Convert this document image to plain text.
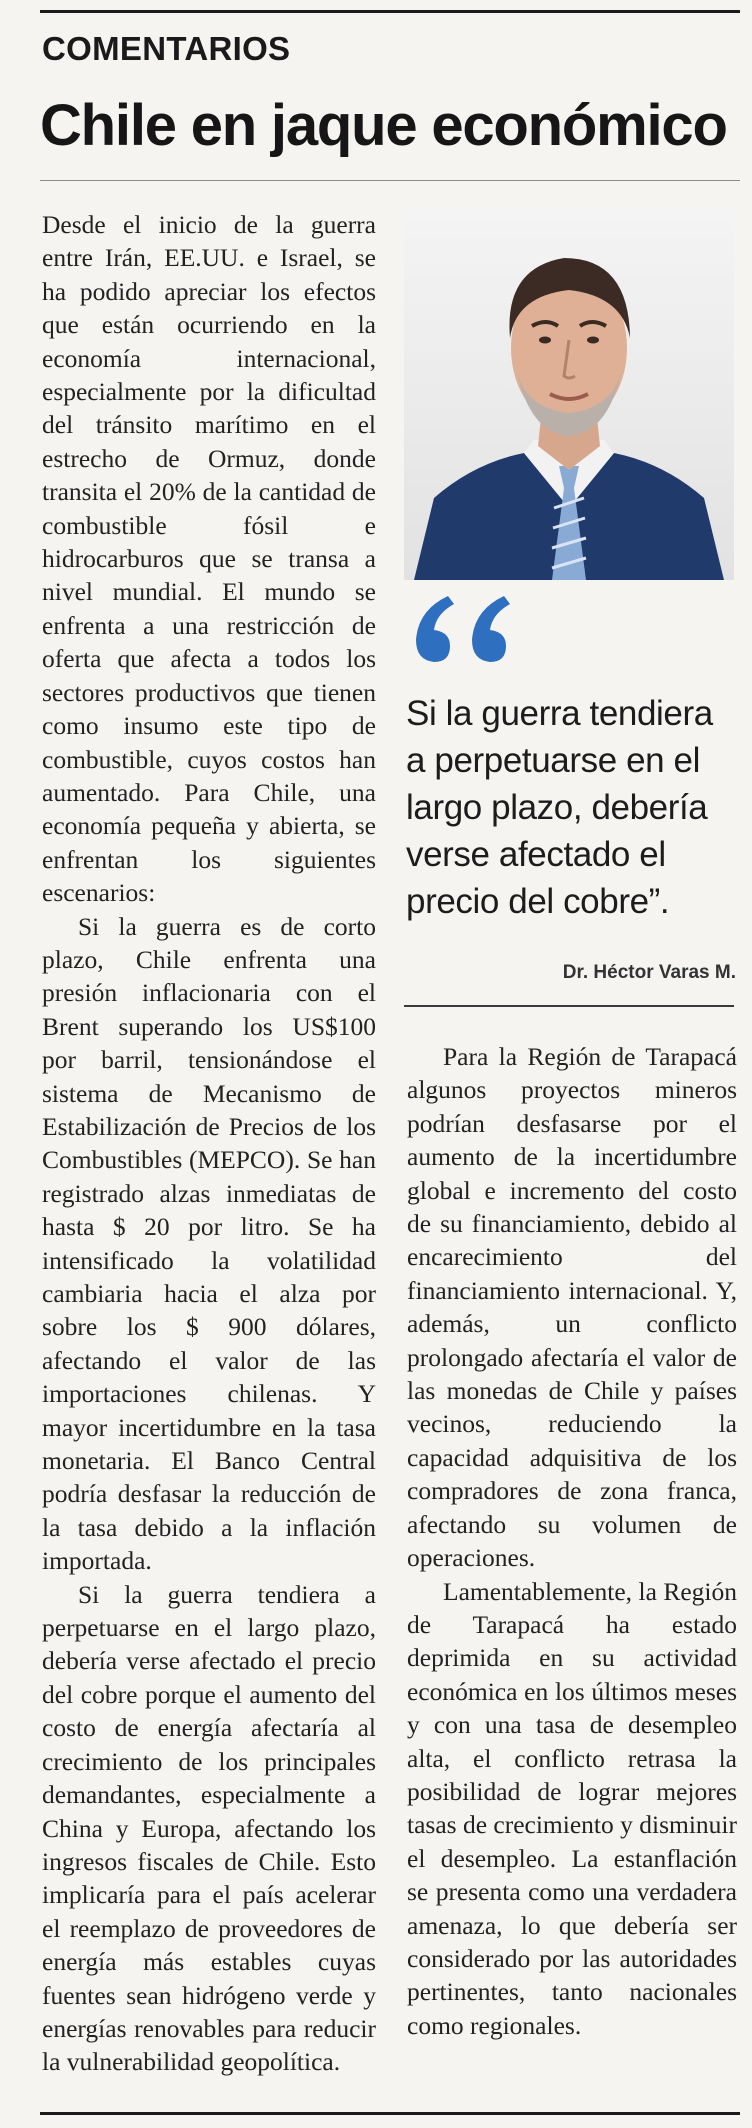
COMENTARIOS
Chile en jaque económico

Desde el inicio de la guerra entre Irán, EE.UU. e Israel, se ha podido apreciar los efectos que están ocurriendo en la economía internacional, especialmente por la dificultad del tránsito marítimo en el estrecho de Ormuz, donde transita el 20% de la cantidad de combustible fósil e hidrocarburos que se transa a nivel mundial. El mundo se enfrenta a una restricción de oferta que afecta a todos los sectores productivos que tienen como insumo este tipo de combustible, cuyos costos han aumentado. Para Chile, una economía pequeña y abierta, se enfrentan los siguientes escenarios:

Si la guerra es de corto plazo, Chile enfrenta una presión inflacionaria con el Brent superando los US$100 por barril, tensionándose el sistema de Mecanismo de Estabilización de Precios de los Combustibles (MEPCO). Se han registrado alzas inmediatas de hasta $ 20 por litro. Se ha intensificado la volatilidad cambiaria hacia el alza por sobre los $ 900 dólares, afectando el valor de las importaciones chilenas. Y mayor incertidumbre en la tasa monetaria. El Banco Central podría desfasar la reducción de la tasa debido a la inflación importada.

Si la guerra tendiera a perpetuarse en el largo plazo, debería verse afectado el precio del cobre porque el aumento del costo de energía afectaría al crecimiento de los principales demandantes, especialmente a China y Europa, afectando los ingresos fiscales de Chile. Esto implicaría para el país acelerar el reemplazo de proveedores de energía más estables cuyas fuentes sean hidrógeno verde y energías renovables para reducir la vulnerabilidad geopolítica.

Si la guerra tendiera a perpetuarse en el largo plazo, debería verse afectado el precio del cobre”.
Dr. Héctor Varas M.

Para la Región de Tarapacá algunos proyectos mineros podrían desfasarse por el aumento de la incertidumbre global e incremento del costo de su financiamiento, debido al encarecimiento del financiamiento internacional. Y, además, un conflicto prolongado afectaría el valor de las monedas de Chile y países vecinos, reduciendo la capacidad adquisitiva de los compradores de zona franca, afectando su volumen de operaciones.

Lamentablemente, la Región de Tarapacá ha estado deprimida en su actividad económica en los últimos meses y con una tasa de desempleo alta, el conflicto retrasa la posibilidad de lograr mejores tasas de crecimiento y disminuir el desempleo. La estanflación se presenta como una verdadera amenaza, lo que debería ser considerado por las autoridades pertinentes, tanto nacionales como regionales.
